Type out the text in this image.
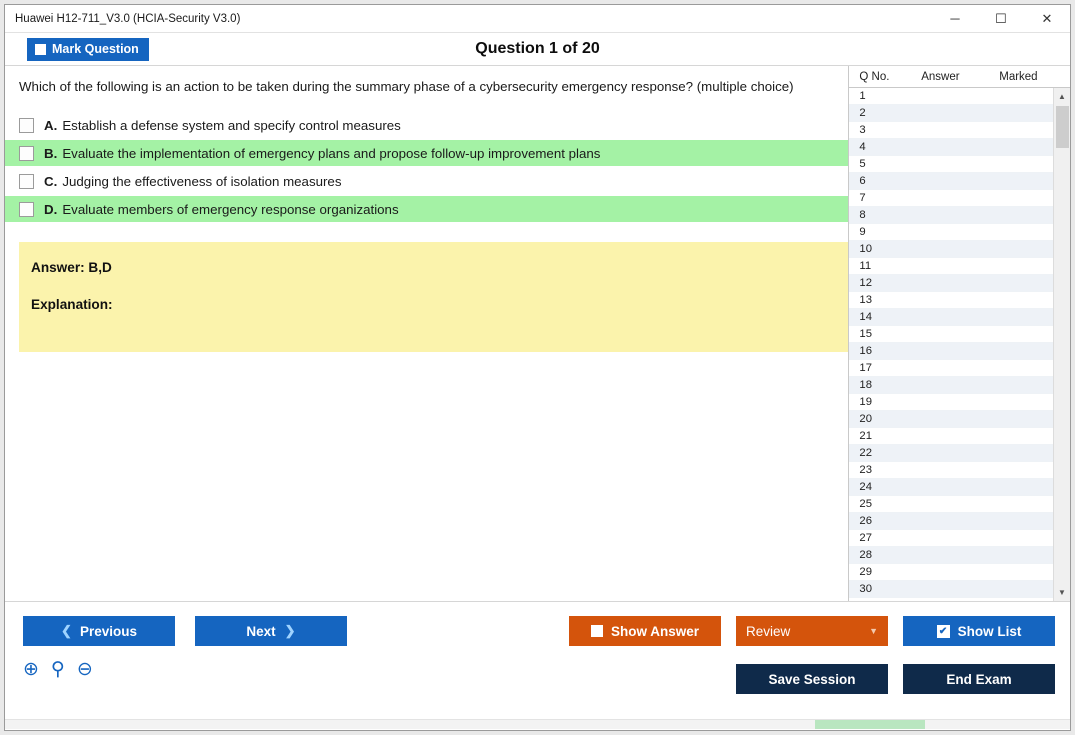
Huawei H12-711_V3.0 (HCIA-Security V3.0)	─	☐	✕
Mark Question	Question 1 of 20
Which of the following is an action to be taken during the summary phase of a cybersecurity emergency response? (multiple choice)
A. Establish a defense system and specify control measures
B. Evaluate the implementation of emergency plans and propose follow-up improvement plans
C. Judging the effectiveness of isolation measures
D. Evaluate members of emergency response organizations
Answer: B,D
Explanation:
Q No.	Answer	Marked
1
2
3
4
5
6
7
8
9
10
11
12
13
14
15
16
17
18
19
20
21
22
23
24
25
26
27
28
29
30
▲
▼
❮ Previous	Next ❯	Show Answer	Review	▼	✔ Show List
Save Session	End Exam
⊕ ⚲ ⊖
